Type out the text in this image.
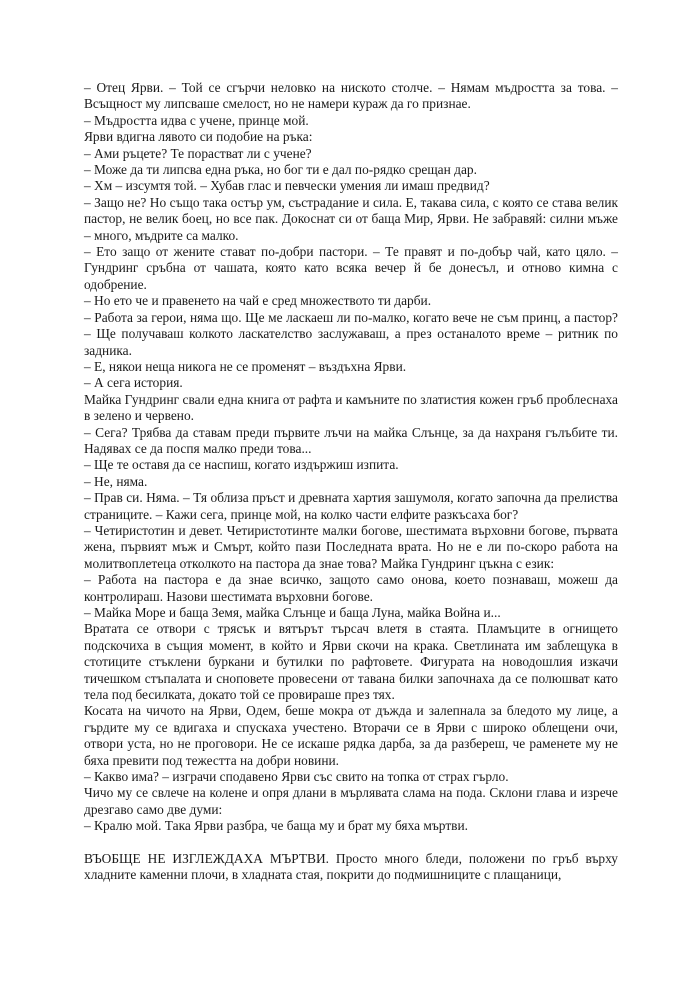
– Отец Ярви. – Той се сгърчи неловко на ниското столче. – Нямам мъдростта за това. – Всъщност му липсваше смелост, но не намери кураж да го признае.

– Мъдростта идва с учене, принце мой.

Ярви вдигна лявото си подобие на ръка:

– Ами ръцете? Те порастват ли с учене?

– Може да ти липсва една ръка, но бог ти е дал по-рядко срещан дар.

– Хм – изсумтя той. – Хубав глас и певчески умения ли имаш предвид?

– Защо не? Но също така остър ум, състрадание и сила. Е, такава сила, с която се става велик пастор, не велик боец, но все пак. Докоснат си от баща Мир, Ярви. Не забравяй: силни мъже – много, мъдрите са малко.

– Ето защо от жените стават по-добри пастори. – Те правят и по-добър чай, като цяло. – Гундринг сръбна от чашата, която като всяка вечер й бе донесъл, и отново кимна с одобрение.

– Но ето че и правенето на чай е сред множеството ти дарби.

– Работа за герои, няма що. Ще ме ласкаеш ли по-малко, когато вече не съм принц, а пастор? – Ще получаваш колкото ласкателство заслужаваш, а през останалото време – ритник по задника.

– Е, някои неща никога не се променят – въздъхна Ярви.

– А сега история.

Майка Гундринг свали една книга от рафта и камъните по златистия кожен гръб проблеснаха в зелено и червено.

– Сега? Трябва да ставам преди първите лъчи на майка Слънце, за да нахраня гълъбите ти. Надявах се да поспя малко преди това...

– Ще те оставя да се наспиш, когато издържиш изпита.

– Не, няма.

– Прав си. Няма. – Тя облиза пръст и древната хартия зашумоля, когато започна да прелиства страниците. – Кажи сега, принце мой, на колко части елфите разкъсаха бог?

– Четиристотин и девет. Четиристотинте малки богове, шестимата върховни богове, първата жена, първият мъж и Смърт, който пази Последната врата. Но не е ли по-скоро работа на молитвоплетеца отколкото на пастора да знае това? Майка Гундринг цъкна с език:

– Работа на пастора е да знае всичко, защото само онова, което познаваш, можеш да контролираш. Назови шестимата върховни богове.

– Майка Море и баща Земя, майка Слънце и баща Луна, майка Война и...

Вратата се отвори с трясък и вятърът търсач влетя в стаята. Пламъците в огнището подскочиха в същия момент, в който и Ярви скочи на крака. Светлината им заблещука в стотиците стъклени буркани и бутилки по рафтовете. Фигурата на новодошлия изкачи тичешком стъпалата и сноповете провесени от тавана билки започнаха да се полюшват като тела под бесилката, докато той се провираше през тях.

Косата на чичото на Ярви, Одем, беше мокра от дъжда и залепнала за бледото му лице, а гърдите му се вдигаха и спускаха учестено. Вторачи се в Ярви с широко облещени очи, отвори уста, но не проговори. Не се искаше рядка дарба, за да разбереш, че раменете му не бяха превити под тежестта на добри новини.

– Какво има? – изграчи сподавено Ярви със свито на топка от страх гърло.

Чичо му се свлече на колене и опря длани в мърлявата слама на пода. Склони глава и изрече дрезгаво само две думи:

– Кралю мой. Така Ярви разбра, че баща му и брат му бяха мъртви.

ВЪОБЩЕ НЕ ИЗГЛЕЖДАХА МЪРТВИ. Просто много бледи, положени по гръб върху хладните каменни плочи, в хладната стая, покрити до подмишниците с плащаници,
